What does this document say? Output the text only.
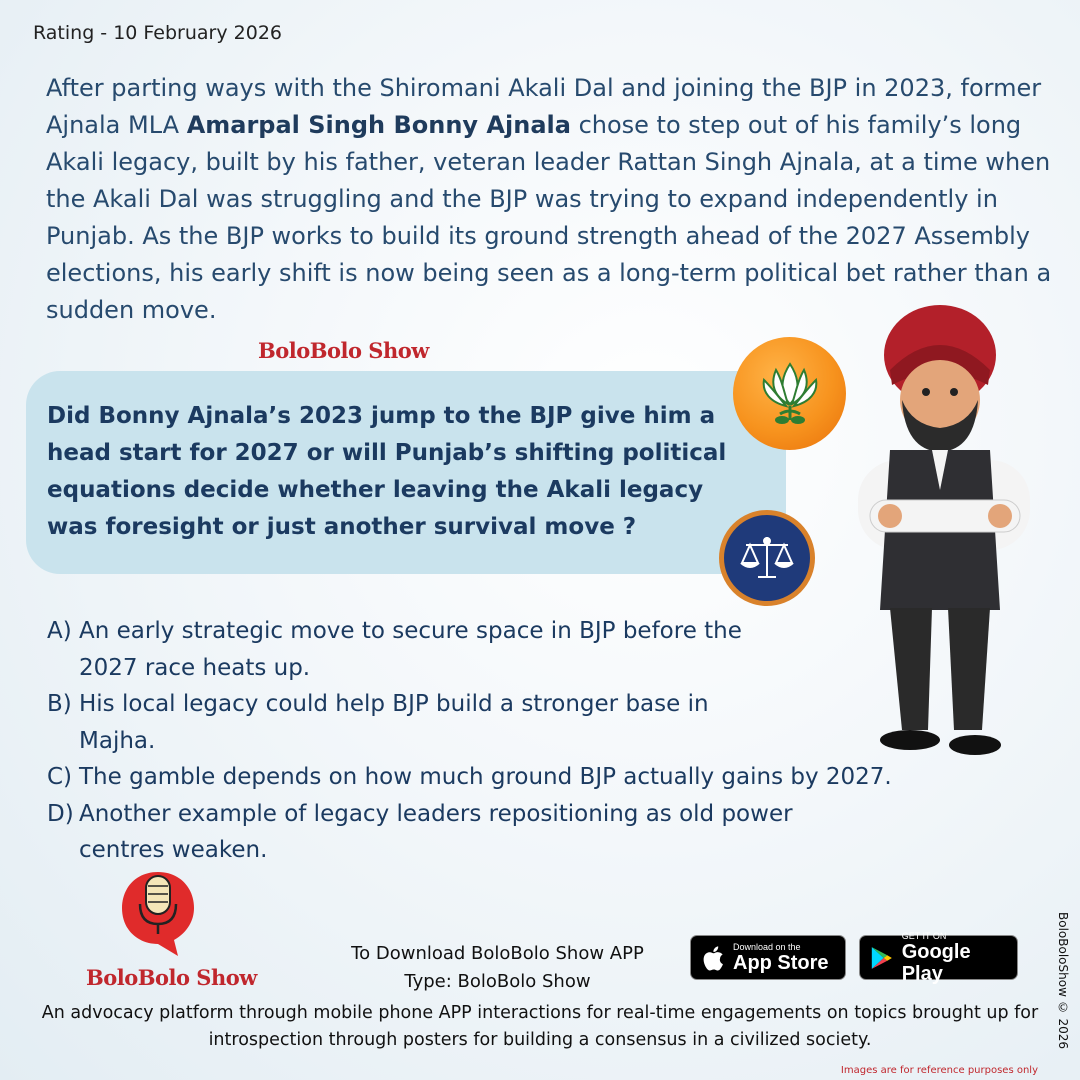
Rating - 10 February 2026
After parting ways with the Shiromani Akali Dal and joining the BJP in 2023, former Ajnala MLA Amarpal Singh Bonny Ajnala chose to step out of his family’s long Akali legacy, built by his father, veteran leader Rattan Singh Ajnala, at a time when the Akali Dal was struggling and the BJP was trying to expand independently in Punjab. As the BJP works to build its ground strength ahead of the 2027 Assembly elections, his early shift is now being seen as a long-term political bet rather than a sudden move.
BoloBolo Show
Did Bonny Ajnala’s 2023 jump to the BJP give him a head start for 2027 or will Punjab’s shifting political equations decide whether leaving the Akali legacy was foresight or just another survival move ?
A) An early strategic move to secure space in BJP before the 2027 race heats up.
B) His local legacy could help BJP build a stronger base in Majha.
C) The gamble depends on how much ground BJP actually gains by 2027.
D) Another example of legacy leaders repositioning as old power centres weaken.
BoloBolo Show
To Download BoloBolo Show APP
Type: BoloBolo Show
Download on the
App Store
GET IT ON
Google Play
An advocacy platform through mobile phone APP interactions for real-time engagements on topics brought up for introspection through posters for building a consensus in a civilized society.	BoloBoloShow © 2026
Images are for reference purposes only
